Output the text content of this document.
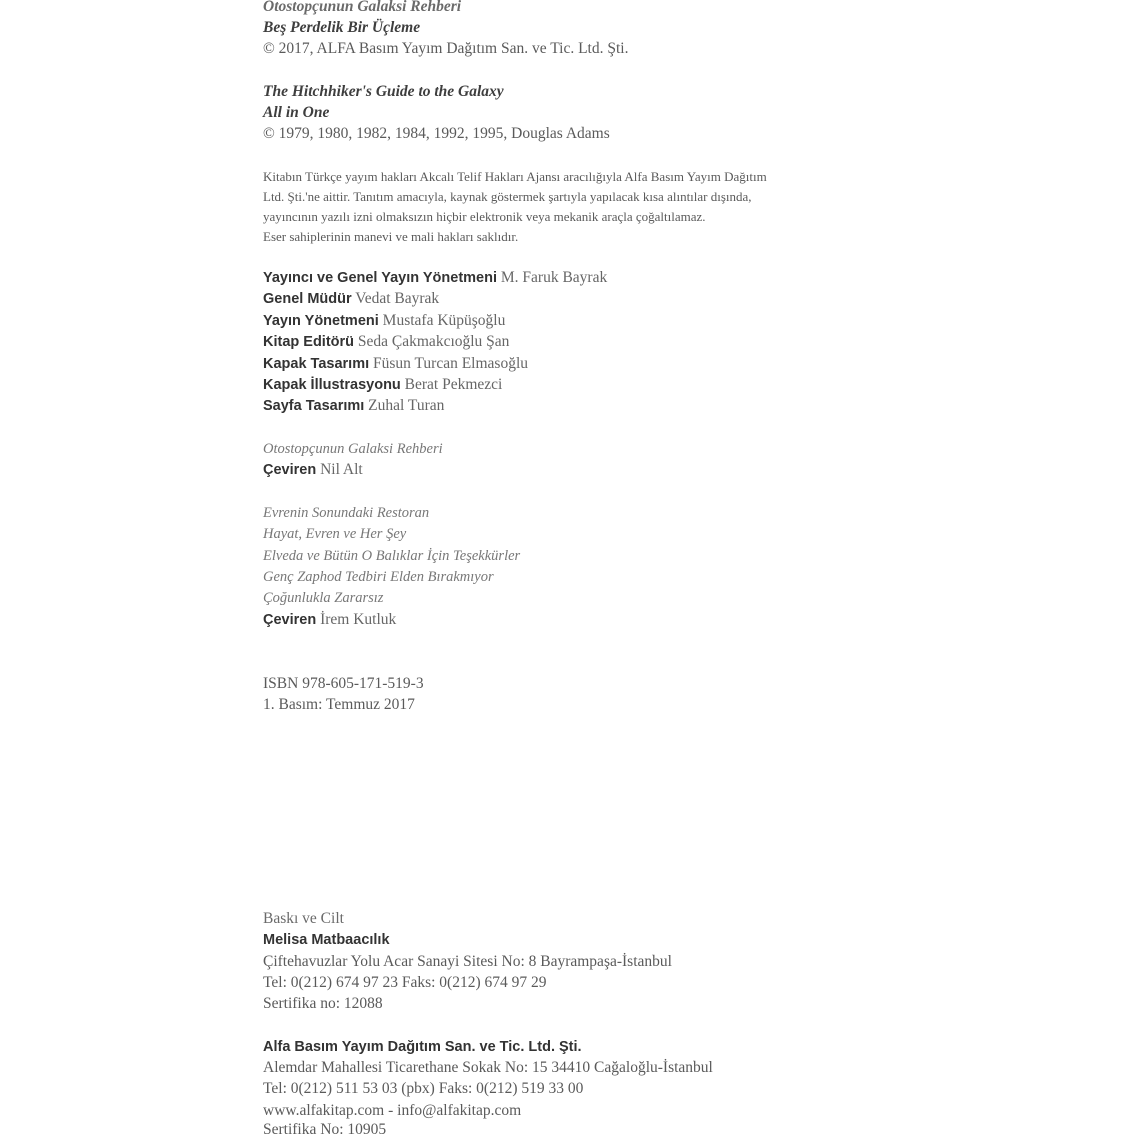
Otostopçunun Galaksi Rehberi
Beş Perdelik Bir Üçleme
© 2017, ALFA Basım Yayım Dağıtım San. ve Tic. Ltd. Şti.
The Hitchhiker's Guide to the Galaxy
All in One
© 1979, 1980, 1982, 1984, 1992, 1995, Douglas Adams
Kitabın Türkçe yayım hakları Akcalı Telif Hakları Ajansı aracılığıyla Alfa Basım Yayım Dağıtım
Ltd. Şti.'ne aittir. Tanıtım amacıyla, kaynak göstermek şartıyla yapılacak kısa alıntılar dışında,
yayıncının yazılı izni olmaksızın hiçbir elektronik veya mekanik araçla çoğaltılamaz.
Eser sahiplerinin manevi ve mali hakları saklıdır.
Yayıncı ve Genel Yayın Yönetmeni M. Faruk Bayrak
Genel Müdür Vedat Bayrak
Yayın Yönetmeni Mustafa Küpüşoğlu
Kitap Editörü Seda Çakmakcıoğlu Şan
Kapak Tasarımı Füsun Turcan Elmasoğlu
Kapak İllustrasyonu Berat Pekmezci
Sayfa Tasarımı Zuhal Turan
Otostopçunun Galaksi Rehberi
Çeviren Nil Alt
Evrenin Sonundaki Restoran
Hayat, Evren ve Her Şey
Elveda ve Bütün O Balıklar İçin Teşekkürler
Genç Zaphod Tedbiri Elden Bırakmıyor
Çoğunlukla Zararsız
Çeviren İrem Kutluk
ISBN 978-605-171-519-3
1. Basım: Temmuz 2017
Baskı ve Cilt
Melisa Matbaacılık
Çiftehavuzlar Yolu Acar Sanayi Sitesi No: 8 Bayrampaşa-İstanbul
Tel: 0(212) 674 97 23 Faks: 0(212) 674 97 29
Sertifika no: 12088
Alfa Basım Yayım Dağıtım San. ve Tic. Ltd. Şti.
Alemdar Mahallesi Ticarethane Sokak No: 15 34410 Cağaloğlu-İstanbul
Tel: 0(212) 511 53 03 (pbx) Faks: 0(212) 519 33 00
www.alfakitap.com - info@alfakitap.com
Sertifika No: 10905
